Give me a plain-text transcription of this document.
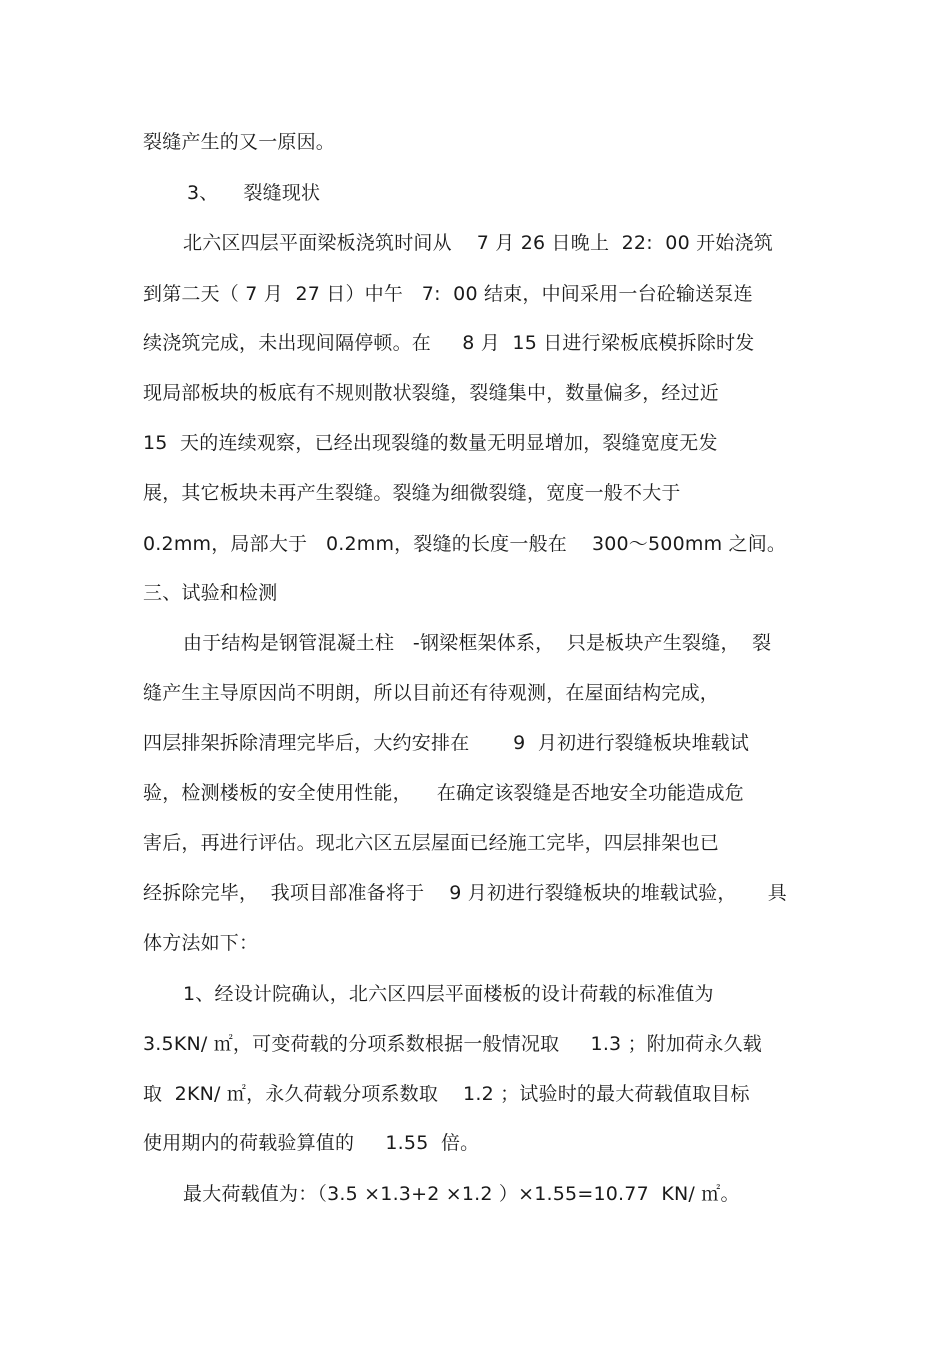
裂缝产生的又一原因。
3、    裂缝现状
北六区四层平面梁板浇筑时间从    7 月 26 日晚上  22:  00 开始浇筑
到第二天（ 7 月  27 日）中午   7:  00 结束，中间采用一台砼输送泵连
续浇筑完成，未出现间隔停顿。在     8 月  15 日进行梁板底模拆除时发
现局部板块的板底有不规则散状裂缝，裂缝集中，数量偏多，经过近
15  天的连续观察，已经出现裂缝的数量无明显增加，裂缝宽度无发
展，其它板块未再产生裂缝。裂缝为细微裂缝，宽度一般不大于
0.2mm，局部大于   0.2mm，裂缝的长度一般在    300～500mm 之间。
三、试验和检测
由于结构是钢管混凝土柱   -钢梁框架体系，  只是板块产生裂缝，  裂
缝产生主导原因尚不明朗，所以目前还有待观测，在屋面结构完成，
四层排架拆除清理完毕后，大约安排在       9  月初进行裂缝板块堆载试
验，检测楼板的安全使用性能，    在确定该裂缝是否地安全功能造成危
害后，再进行评估。现北六区五层屋面已经施工完毕，四层排架也已
经拆除完毕，  我项目部准备将于    9 月初进行裂缝板块的堆载试验，     具
体方法如下：
1、经设计院确认，北六区四层平面楼板的设计荷载的标准值为
3.5KN/ ㎡，可变荷载的分项系数根据一般情况取     1.3 ；附加荷永久载
取  2KN/ ㎡，永久荷载分项系数取    1.2 ；试验时的最大荷载值取目标
使用期内的荷载验算值的     1.55  倍。
最大荷载值为：（3.5 ×1.3+2 ×1.2 ）×1.55=10.77  KN/ ㎡。
